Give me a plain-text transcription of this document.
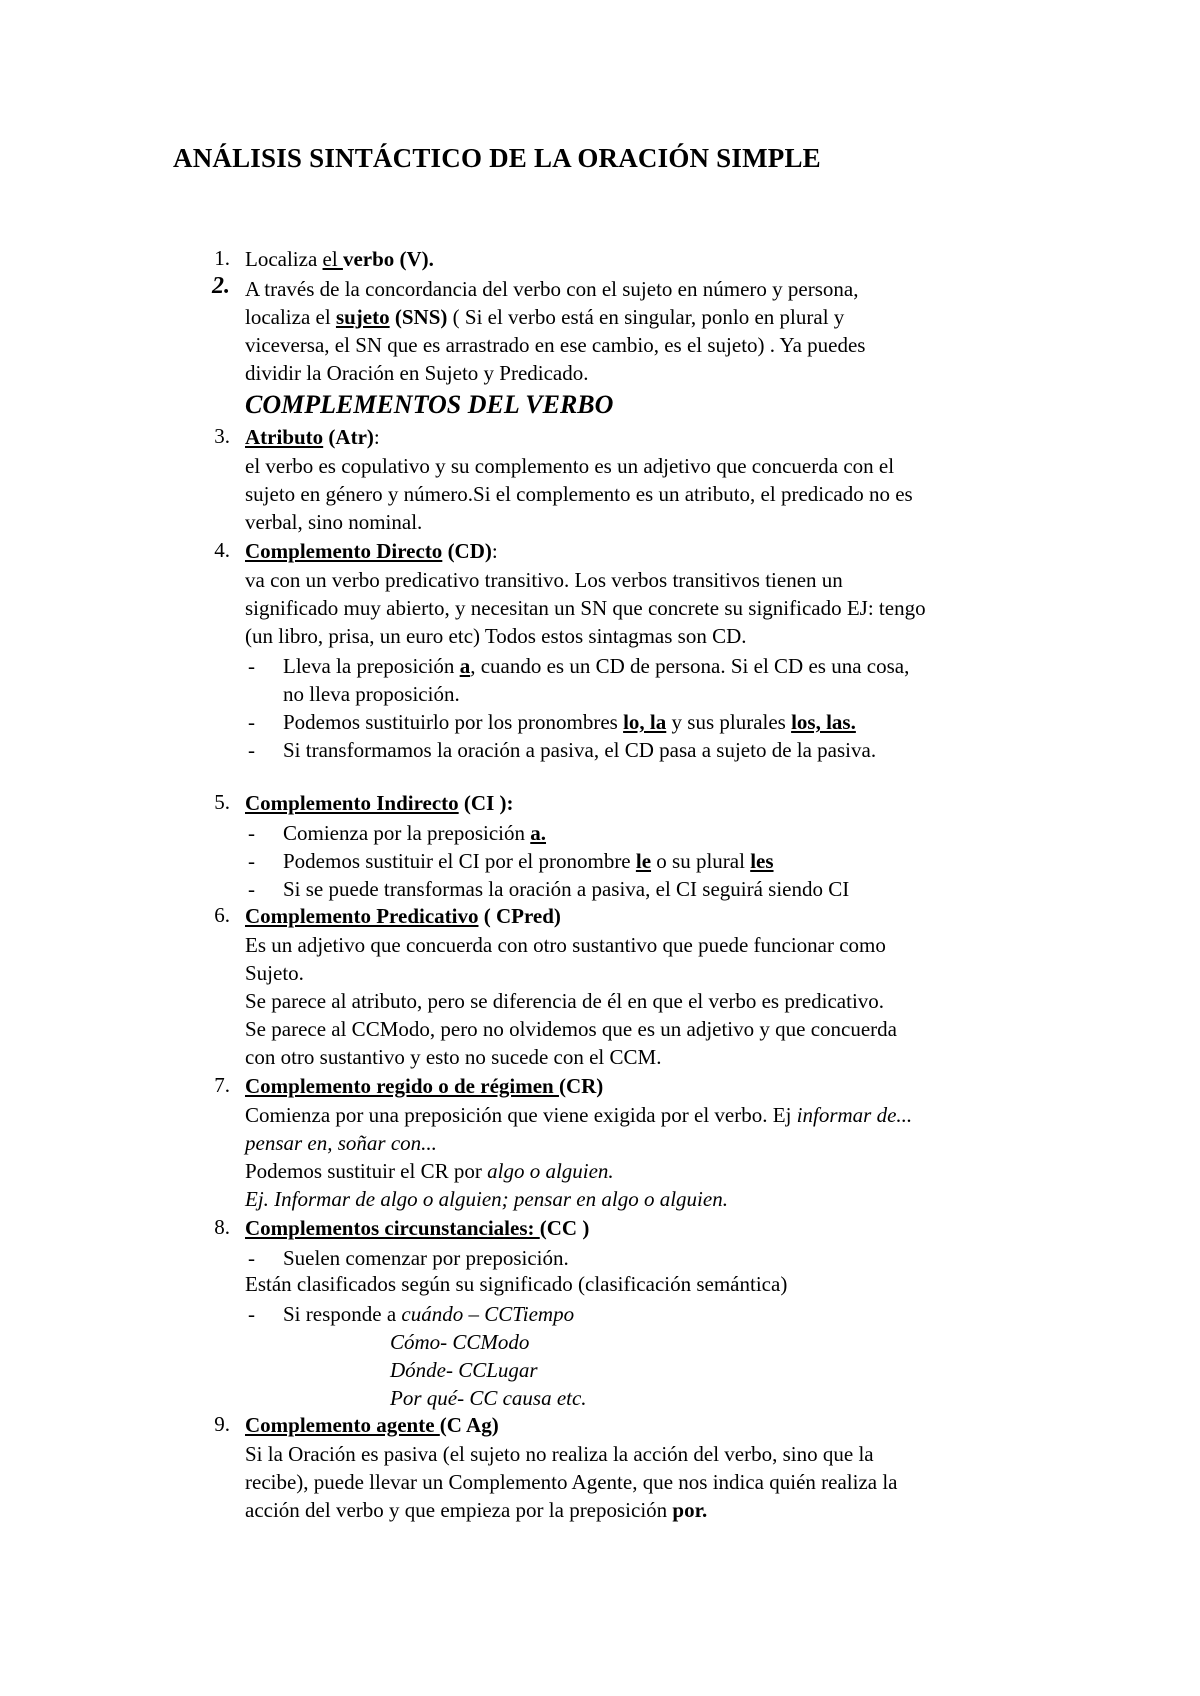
ANÁLISIS SINTÁCTICO DE LA ORACIÓN SIMPLE
1. Localiza el verbo (V).
2. A través de la concordancia del verbo con el sujeto en número y persona,
localiza el sujeto (SNS) ( Si el verbo está en singular, ponlo en plural y
viceversa, el SN que es arrastrado en ese cambio, es el sujeto) . Ya puedes
dividir la Oración en Sujeto y Predicado.
COMPLEMENTOS DEL VERBO
3. Atributo (Atr):
el verbo es copulativo y su complemento es un adjetivo que concuerda con el
sujeto en género y número.Si el complemento es un atributo, el predicado no es
verbal, sino nominal.
4. Complemento Directo (CD):
va con un verbo predicativo transitivo. Los verbos transitivos tienen un
significado muy abierto, y necesitan un SN que concrete su significado EJ: tengo
(un libro, prisa, un euro etc) Todos estos sintagmas son CD.
- Lleva la preposición a, cuando es un CD de persona. Si el CD es una cosa,
no lleva proposición.
- Podemos sustituirlo por los pronombres lo, la y sus plurales los, las.
- Si transformamos la oración a pasiva, el CD pasa a sujeto de la pasiva.
5. Complemento Indirecto (CI ):
- Comienza por la preposición a.
- Podemos sustituir el CI por el pronombre le o su plural les
- Si se puede transformas la oración a pasiva, el CI seguirá siendo CI
6. Complemento Predicativo ( CPred)
Es un adjetivo que concuerda con otro sustantivo que puede funcionar como
Sujeto.
Se parece al atributo, pero se diferencia de él en que el verbo es predicativo.
Se parece al CCModo, pero no olvidemos que es un adjetivo y que concuerda
con otro sustantivo y esto no sucede con el CCM.
7. Complemento regido o de régimen (CR)
Comienza por una preposición que viene exigida por el verbo. Ej informar de...
pensar en, soñar con...
Podemos sustituir el CR por algo o alguien.
Ej. Informar de algo o alguien; pensar en algo o alguien.
8. Complementos circunstanciales: (CC )
- Suelen comenzar por preposición.
Están clasificados según su significado (clasificación semántica)
- Si responde a cuándo – CCTiempo
Cómo- CCModo
Dónde- CCLugar
Por qué- CC causa etc.
9. Complemento agente (C Ag)
Si la Oración es pasiva (el sujeto no realiza la acción del verbo, sino que la
recibe), puede llevar un Complemento Agente, que nos indica quién realiza la
acción del verbo y que empieza por la preposición por.
